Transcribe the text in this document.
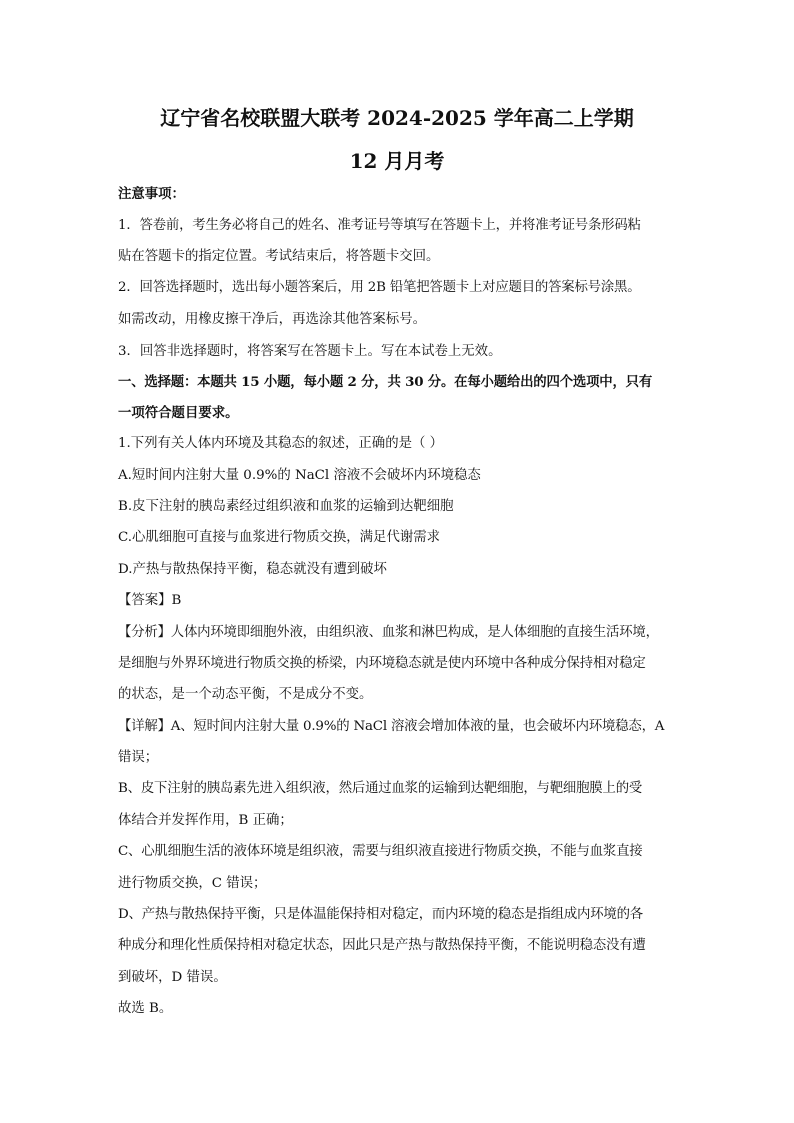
辽宁省名校联盟大联考 2024-2025 学年高二上学期
12 月月考
注意事项：
1．答卷前，考生务必将自己的姓名、准考证号等填写在答题卡上，并将准考证号条形码粘
贴在答题卡的指定位置。考试结束后，将答题卡交回。
2．回答选择题时，选出每小题答案后，用 2B 铅笔把答题卡上对应题目的答案标号涂黑。
如需改动，用橡皮擦干净后，再选涂其他答案标号。
3．回答非选择题时，将答案写在答题卡上。写在本试卷上无效。
一、选择题：本题共 15 小题，每小题 2 分，共 30 分。在每小题给出的四个选项中，只有
一项符合题目要求。
1.下列有关人体内环境及其稳态的叙述，正确的是（ ）
A.短时间内注射大量 0.9%的 NaCl 溶液不会破坏内环境稳态
B.皮下注射的胰岛素经过组织液和血浆的运输到达靶细胞
C.心肌细胞可直接与血浆进行物质交换，满足代谢需求
D.产热与散热保持平衡，稳态就没有遭到破坏
【答案】B
【分析】人体内环境即细胞外液，由组织液、血浆和淋巴构成，是人体细胞的直接生活环境，
是细胞与外界环境进行物质交换的桥梁，内环境稳态就是使内环境中各种成分保持相对稳定
的状态，是一个动态平衡，不是成分不变。
【详解】A、短时间内注射大量 0.9%的 NaCl 溶液会增加体液的量，也会破坏内环境稳态，A
错误；
B、皮下注射的胰岛素先进入组织液，然后通过血浆的运输到达靶细胞，与靶细胞膜上的受
体结合并发挥作用，B 正确；
C、心肌细胞生活的液体环境是组织液，需要与组织液直接进行物质交换，不能与血浆直接
进行物质交换，C 错误；
D、产热与散热保持平衡，只是体温能保持相对稳定，而内环境的稳态是指组成内环境的各
种成分和理化性质保持相对稳定状态，因此只是产热与散热保持平衡，不能说明稳态没有遭
到破坏，D 错误。
故选 B。
